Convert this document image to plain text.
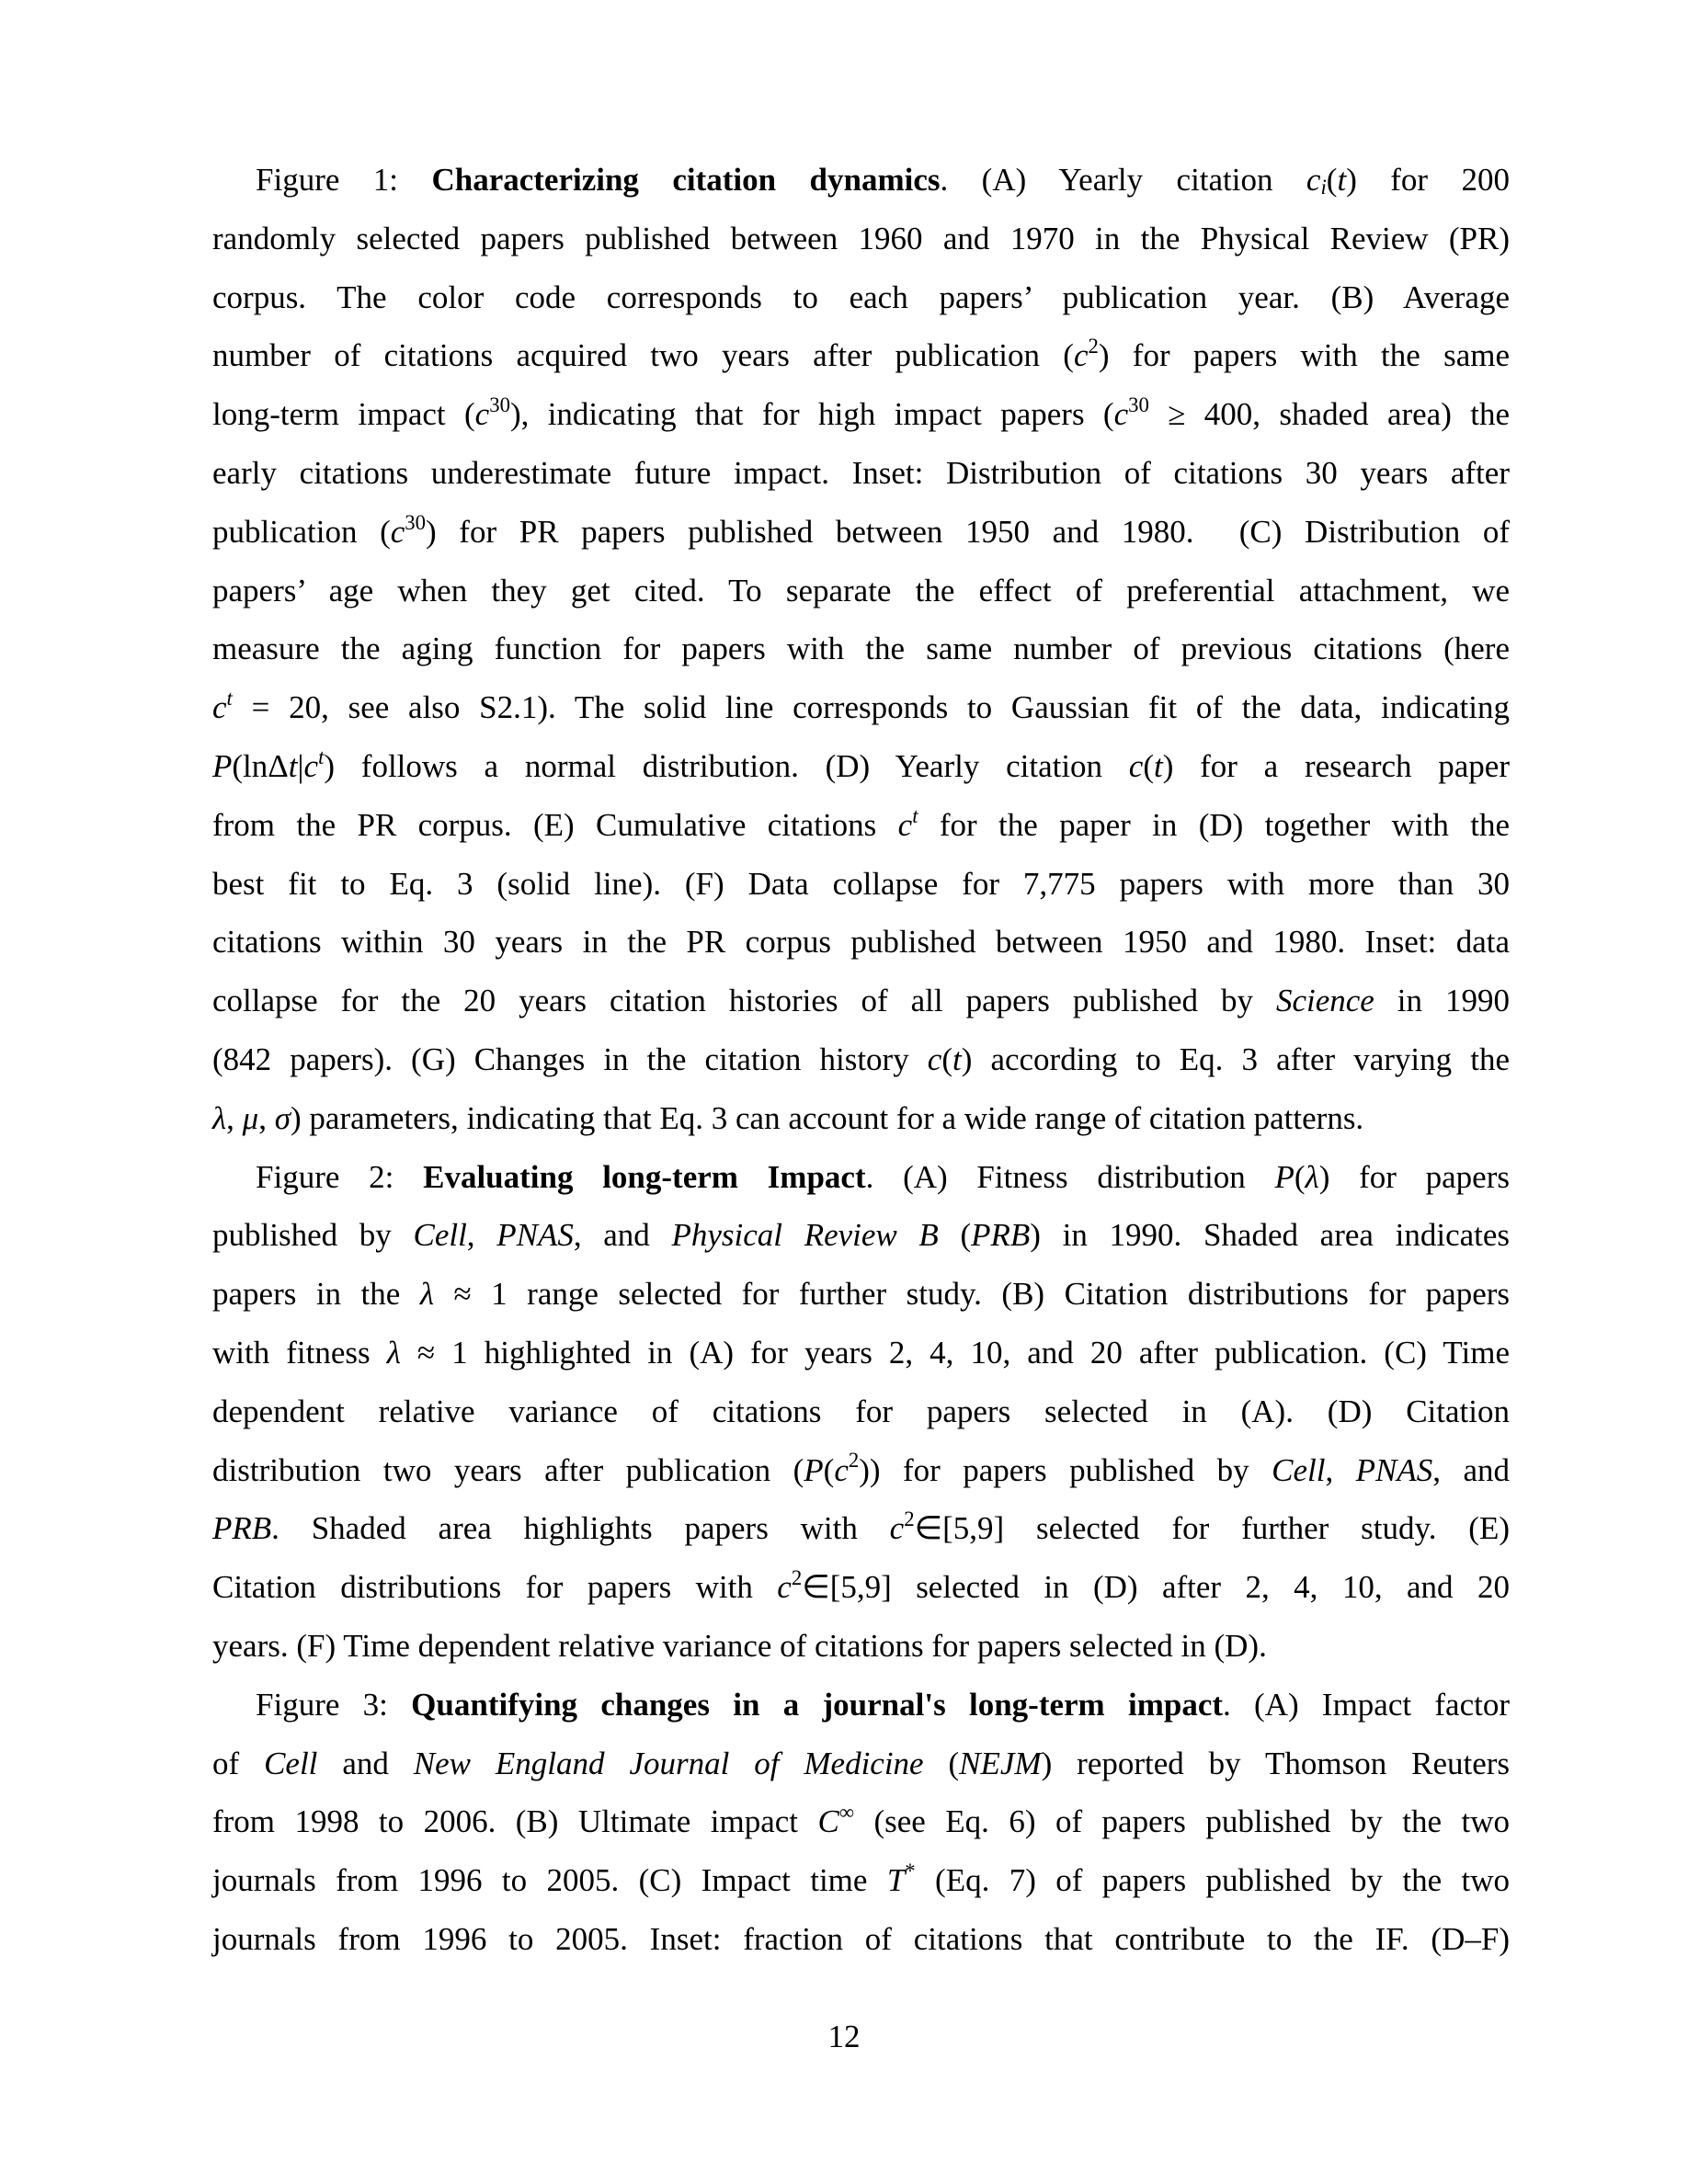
Figure 1: Characterizing citation dynamics. (A) Yearly citation ci(t) for 200
randomly selected papers published between 1960 and 1970 in the Physical Review (PR)
corpus. The color code corresponds to each papers’ publication year. (B) Average
number of citations acquired two years after publication $(c^2)$ for papers with the same
long-term impact $(c^{30})$, indicating that for high impact papers ($c^{30} \ge 400$, shaded area) the
early citations underestimate future impact. Inset: Distribution of citations 30 years after
publication $(c^{30})$ for PR papers published between 1950 and 1980.  (C) Distribution of
papers’ age when they get cited. To separate the effect of preferential attachment, we
measure the aging function for papers with the same number of previous citations (here
$c^t = 20$, see also S2.1). The solid line corresponds to Gaussian fit of the data, indicating
$P(\ln\Delta t|c^t)$ follows a normal distribution. (D) Yearly citation c(t) for a research paper
from the PR corpus. (E) Cumulative citations $c^t$ for the paper in (D) together with the
best fit to Eq. 3 (solid line). (F) Data collapse for 7,775 papers with more than 30
citations within 30 years in the PR corpus published between 1950 and 1980. Inset: data
collapse for the 20 years citation histories of all papers published by Science in 1990
(842 papers). (G) Changes in the citation history c(t) according to Eq. 3 after varying the
λ, μ, σ) parameters, indicating that Eq. 3 can account for a wide range of citation patterns.
Figure 2: Evaluating long-term Impact. (A) Fitness distribution P(λ) for papers
published by Cell, PNAS, and Physical Review B (PRB) in 1990. Shaded area indicates
papers in the λ ≈ 1 range selected for further study. (B) Citation distributions for papers
with fitness λ ≈ 1 highlighted in (A) for years 2, 4, 10, and 20 after publication. (C) Time
dependent relative variance of citations for papers selected in (A). (D) Citation
distribution two years after publication $(P(c^2))$ for papers published by Cell, PNAS, and
PRB. Shaded area highlights papers with $c^2\in[5,9]$ selected for further study. (E)
Citation distributions for papers with $c^2\in[5,9]$ selected in (D) after 2, 4, 10, and 20
years. (F) Time dependent relative variance of citations for papers selected in (D).
Figure 3: Quantifying changes in a journal's long-term impact. (A) Impact factor
of Cell and New England Journal of Medicine (NEJM) reported by Thomson Reuters
from 1998 to 2006. (B) Ultimate impact C∞ (see Eq. 6) of papers published by the two
journals from 1996 to 2005. (C) Impact time T* (Eq. 7) of papers published by the two
journals from 1996 to 2005. Inset: fraction of citations that contribute to the IF. (D–F)
12
